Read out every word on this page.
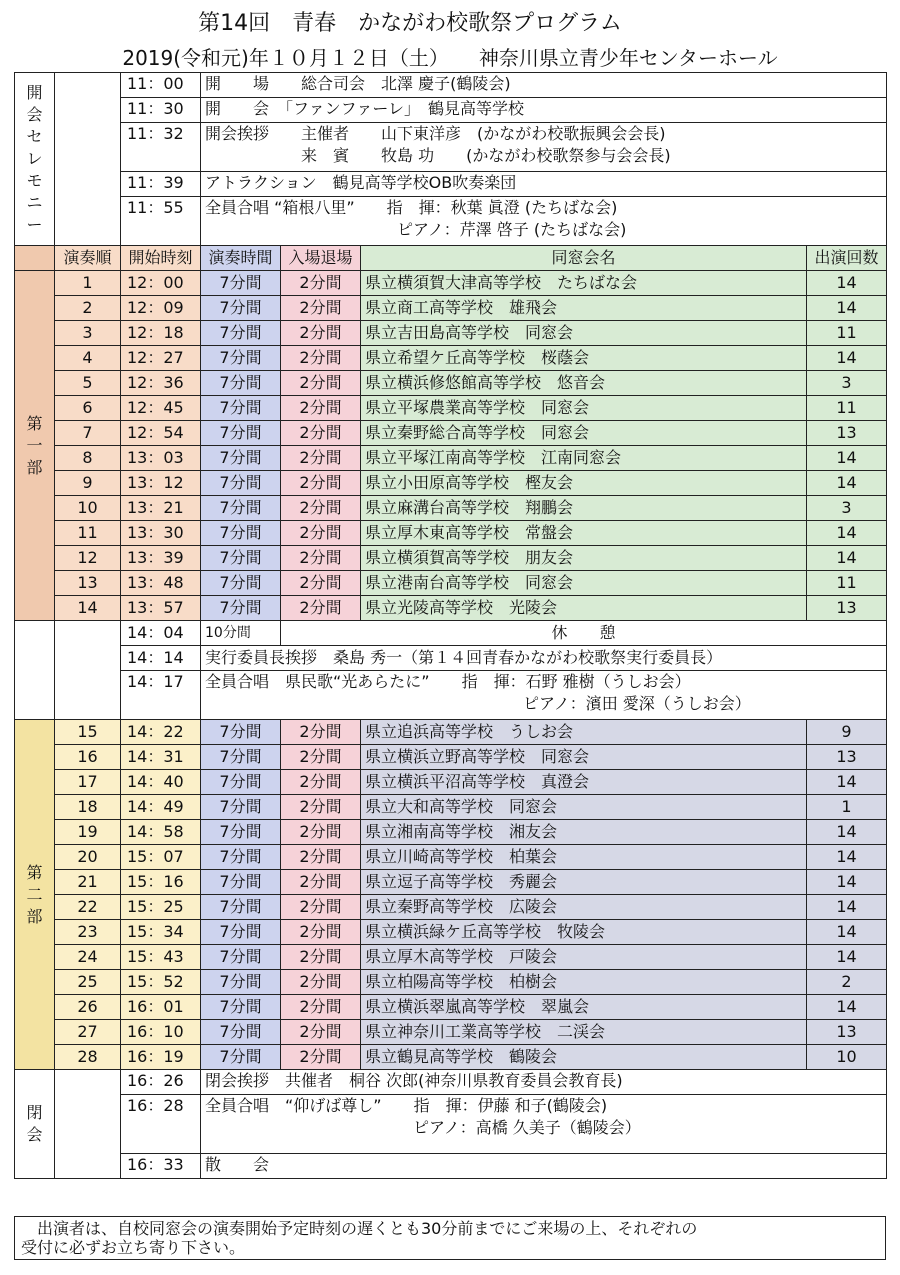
第14回　青春　かながわ校歌祭プログラム
2019(令和元)年１０月１２日（土）　　神奈川県立青少年センターホール
開会セレモニー		11：00	開　　場　　総合司会　北澤 慶子(鶴陵会)			

		11：30	開　　会　「ファンファーレ」　鶴見高等学校			

		11：32	開会挨拶　　主催者　　山下東洋彦　(かながわ校歌振興会会長)
　　　　　　来　賓　　牧島 功　　(かながわ校歌祭参与会会長)			

		11：39	アトラクション　鶴見高等学校OB吹奏楽団			

		11：55	全員合唱 “箱根八里”　　指　揮：秋葉 眞澄 (たちばな会)
　　　　　　　　　　　　ピアノ：芹澤 啓子 (たちばな会)			

	演奏順	開始時刻	演奏時間	入場退場	同窓会名	出演回数
第一部	1	12：00	7分間	2分間	県立横須賀大津高等学校　たちばな会	14
	2	12：09	7分間	2分間	県立商工高等学校　雄飛会	14
	3	12：18	7分間	2分間	県立吉田島高等学校　同窓会	11
	4	12：27	7分間	2分間	県立希望ケ丘高等学校　桜蔭会	14
	5	12：36	7分間	2分間	県立横浜修悠館高等学校　悠音会	3
	6	12：45	7分間	2分間	県立平塚農業高等学校　同窓会	11
	7	12：54	7分間	2分間	県立秦野総合高等学校　同窓会	13
	8	13：03	7分間	2分間	県立平塚江南高等学校　江南同窓会	14
	9	13：12	7分間	2分間	県立小田原高等学校　樫友会	14
	10	13：21	7分間	2分間	県立麻溝台高等学校　翔鵬会	3
	11	13：30	7分間	2分間	県立厚木東高等学校　常盤会	14
	12	13：39	7分間	2分間	県立横須賀高等学校　朋友会	14
	13	13：48	7分間	2分間	県立港南台高等学校　同窓会	11
	14	13：57	7分間	2分間	県立光陵高等学校　光陵会	13
		14：04	10分間	休　　憩		
		14：14	実行委員長挨拶　桑島 秀一（第１４回青春かながわ校歌祭実行委員長）			
		14：17	全員合唱　県民歌“光あらたに”　　指　揮：石野 雅樹（うしお会）
ピアノ：濱田 愛深（うしお会）			

第二部	15	14：22	7分間	2分間	県立追浜高等学校　うしお会	9
	16	14：31	7分間	2分間	県立横浜立野高等学校　同窓会	13
	17	14：40	7分間	2分間	県立横浜平沼高等学校　真澄会	14
	18	14：49	7分間	2分間	県立大和高等学校　同窓会	1
	19	14：58	7分間	2分間	県立湘南高等学校　湘友会	14
	20	15：07	7分間	2分間	県立川崎高等学校　柏葉会	14
	21	15：16	7分間	2分間	県立逗子高等学校　秀麗会	14
	22	15：25	7分間	2分間	県立秦野高等学校　広陵会	14
	23	15：34	7分間	2分間	県立横浜緑ケ丘高等学校　牧陵会	14
	24	15：43	7分間	2分間	県立厚木高等学校　戸陵会	14
	25	15：52	7分間	2分間	県立柏陽高等学校　柏樹会	2
	26	16：01	7分間	2分間	県立横浜翠嵐高等学校　翠嵐会	14
	27	16：10	7分間	2分間	県立神奈川工業高等学校　二渓会	13
	28	16：19	7分間	2分間	県立鶴見高等学校　鶴陵会	10
閉会		16：26	閉会挨拶　共催者　桐谷 次郎(神奈川県教育委員会教育長)			

		16：28	全員合唱　“仰げば尊し”　　指　揮：伊藤 和子(鶴陵会)
　　　　　　　　　　　　　ピアノ：高橋 久美子（鶴陵会）			

		16：33	散　　会			

出演者は、自校同窓会の演奏開始予定時刻の遅くとも30分前までにご来場の上、それぞれの

受付に必ずお立ち寄り下さい。
